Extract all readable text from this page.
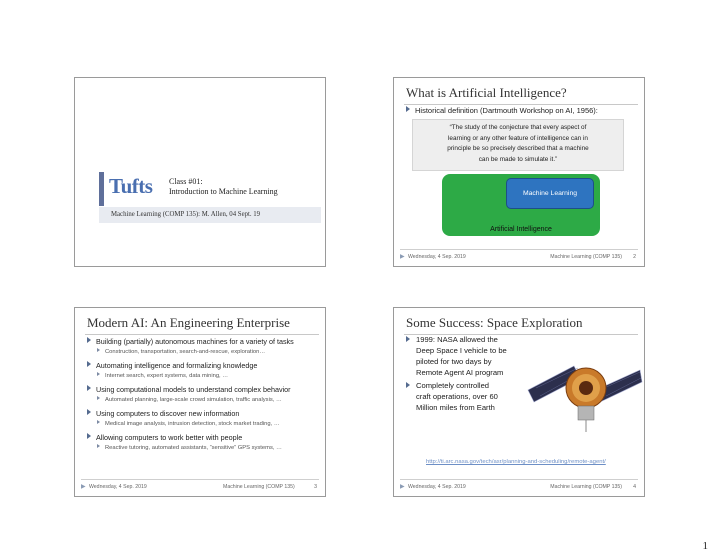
Tufts Class #01:
Introduction to Machine Learning
Machine Learning (COMP 135): M. Allen, 04 Sept. 19
What is Artificial Intelligence?
Historical definition (Dartmouth Workshop on AI, 1956):
“The study of the conjecture that every aspect of
learning or any other feature of intelligence can in
principle be so precisely described that a machine
can be made to simulate it.”
Machine Learning
Artificial Intelligence
▶ Wednesday, 4 Sep. 2019	Machine Learning (COMP 135) 2
Modern AI: An Engineering Enterprise
Building (partially) autonomous machines for a variety of tasks
Construction, transportation, search-and-rescue, exploration…
Automating intelligence and formalizing knowledge
Internet search, expert systems, data mining, …
Using computational models to understand complex behavior
Automated planning, large-scale crowd simulation, traffic analysis, …
Using computers to discover new information
Medical image analysis, intrusion detection, stock market trading, …
Allowing computers to work better with people
Reactive tutoring, automated assistants, “sensitive” GPS systems, …
▶ Wednesday, 4 Sep. 2019	Machine Learning (COMP 135)	3
Some Success: Space Exploration
1999: NASA allowed the
Deep Space I vehicle to be
piloted for two days by
Remote Agent AI program
Completely controlled
craft operations, over 60
Million miles from Earth
http://ti.arc.nasa.gov/tech/asr/planning-and-scheduling/remote-agent/
▶ Wednesday, 4 Sep. 2019	Machine Learning (COMP 135) 4
1
